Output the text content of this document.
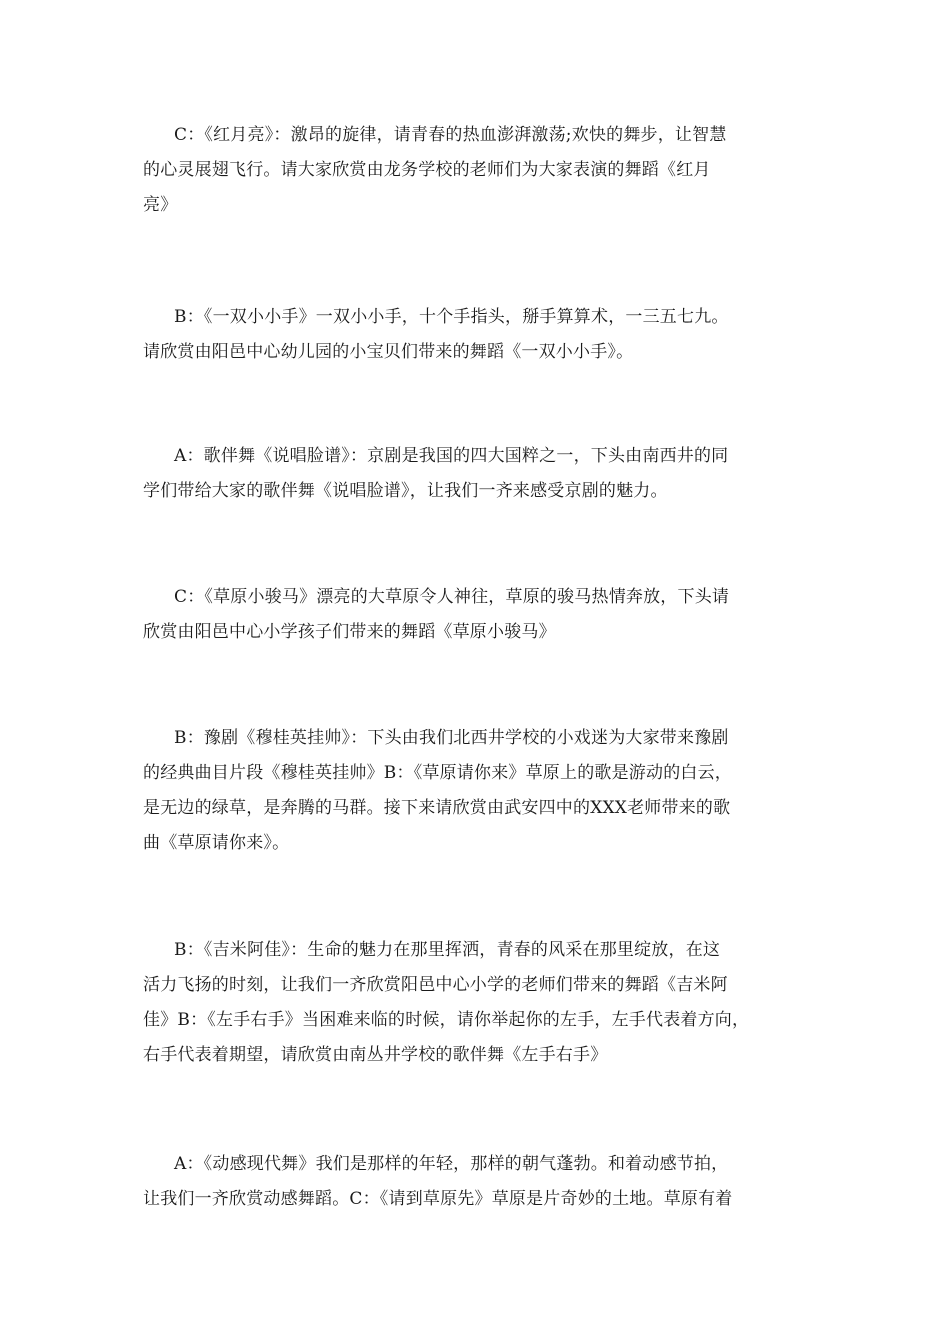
C：《红月亮》：激昂的旋律，请青春的热血澎湃激荡;欢快的舞步，让智慧
的心灵展翅飞行。请大家欣赏由龙务学校的老师们为大家表演的舞蹈《红月
亮》
B：《一双小小手》一双小小手，十个手指头，掰手算算术，一三五七九。
请欣赏由阳邑中心幼儿园的小宝贝们带来的舞蹈《一双小小手》。
A：歌伴舞《说唱脸谱》：京剧是我国的四大国粹之一，下头由南西井的同
学们带给大家的歌伴舞《说唱脸谱》，让我们一齐来感受京剧的魅力。
C：《草原小骏马》漂亮的大草原令人神往，草原的骏马热情奔放，下头请
欣赏由阳邑中心小学孩子们带来的舞蹈《草原小骏马》
B：豫剧《穆桂英挂帅》：下头由我们北西井学校的小戏迷为大家带来豫剧
的经典曲目片段《穆桂英挂帅》B：《草原请你来》草原上的歌是游动的白云，
是无边的绿草，是奔腾的马群。接下来请欣赏由武安四中的XXX老师带来的歌
曲《草原请你来》。
B：《吉米阿佳》：生命的魅力在那里挥洒，青春的风采在那里绽放，在这
活力飞扬的时刻，让我们一齐欣赏阳邑中心小学的老师们带来的舞蹈《吉米阿
佳》B：《左手右手》当困难来临的时候，请你举起你的左手，左手代表着方向，
右手代表着期望，请欣赏由南丛井学校的歌伴舞《左手右手》
A：《动感现代舞》我们是那样的年轻，那样的朝气蓬勃。和着动感节拍，
让我们一齐欣赏动感舞蹈。C：《请到草原先》草原是片奇妙的土地。草原有着
